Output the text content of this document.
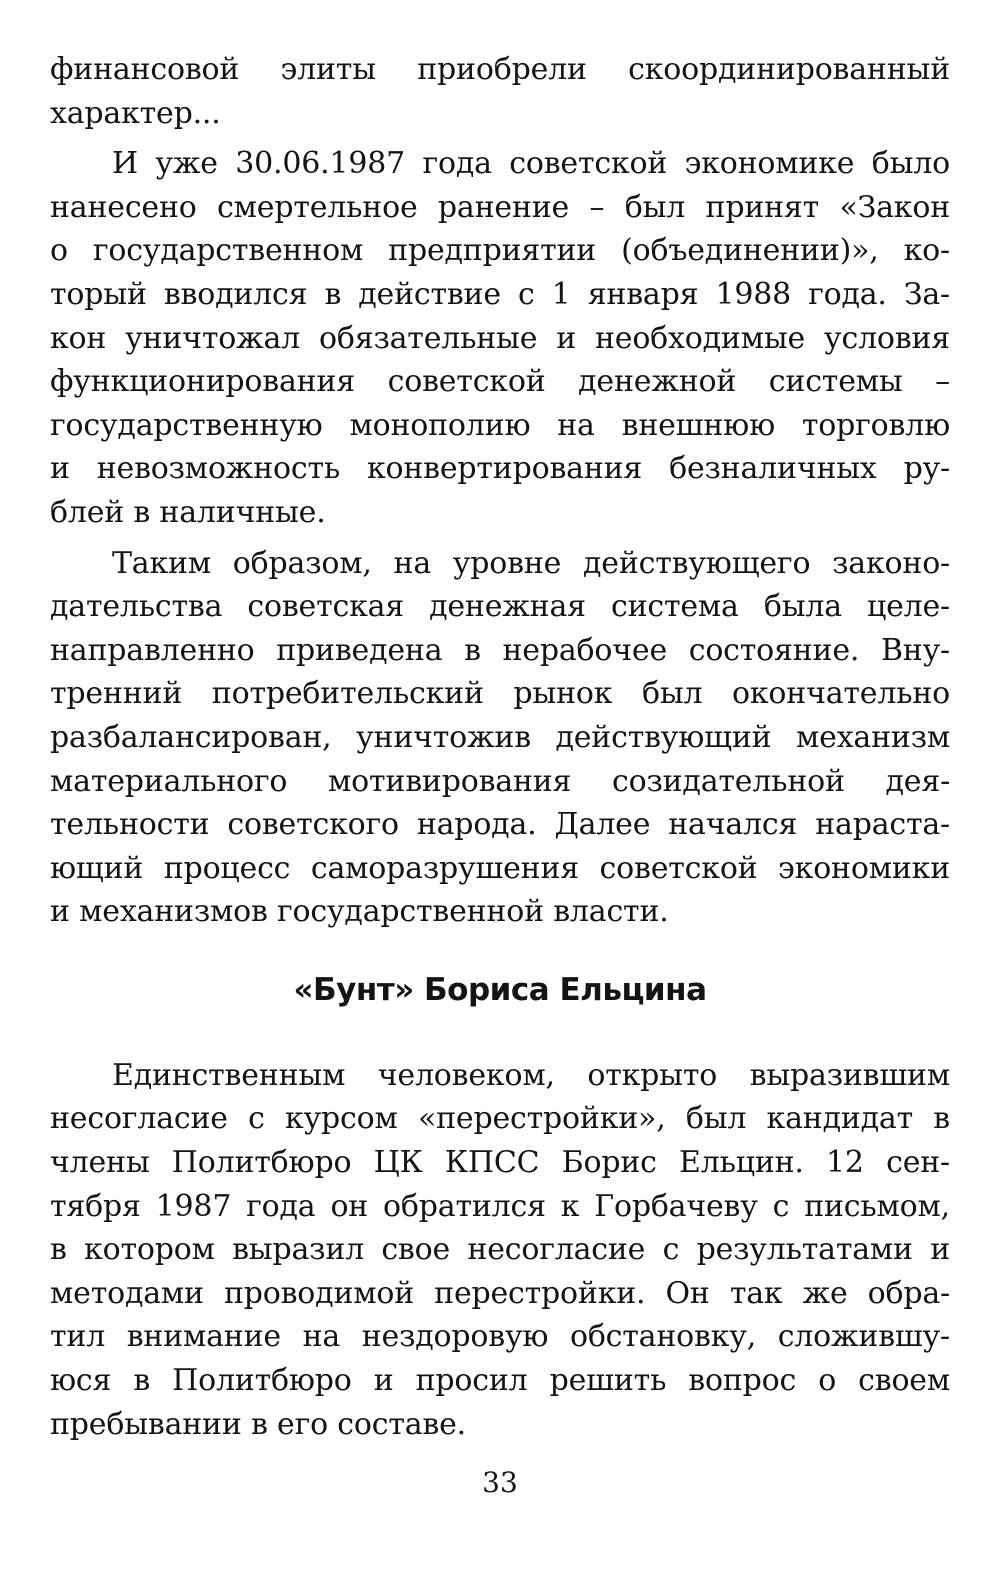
финансовой элиты приобрели скоординированный
характер...
И уже 30.06.1987 года советской экономике было
нанесено смертельное ранение – был принят «Закон
о государственном предприятии (объединении)», ко-
торый вводился в действие с 1 января 1988 года. За-
кон уничтожал обязательные и необходимые условия
функционирования советской денежной системы –
государственную монополию на внешнюю торговлю
и невозможность конвертирования безналичных ру-
блей в наличные.
Таким образом, на уровне действующего законо-
дательства советская денежная система была целе-
направленно приведена в нерабочее состояние. Вну-
тренний потребительский рынок был окончательно
разбалансирован, уничтожив действующий механизм
материального мотивирования созидательной дея-
тельности советского народа. Далее начался нараста-
ющий процесс саморазрушения советской экономики
и механизмов государственной власти.
«Бунт» Бориса Ельцина
Единственным человеком, открыто выразившим
несогласие с курсом «перестройки», был кандидат в
члены Политбюро ЦК КПСС Борис Ельцин. 12 сен-
тября 1987 года он обратился к Горбачеву с письмом,
в котором выразил свое несогласие с результатами и
методами проводимой перестройки. Он так же обра-
тил внимание на нездоровую обстановку, сложившу-
юся в Политбюро и просил решить вопрос о своем
пребывании в его составе.
33
